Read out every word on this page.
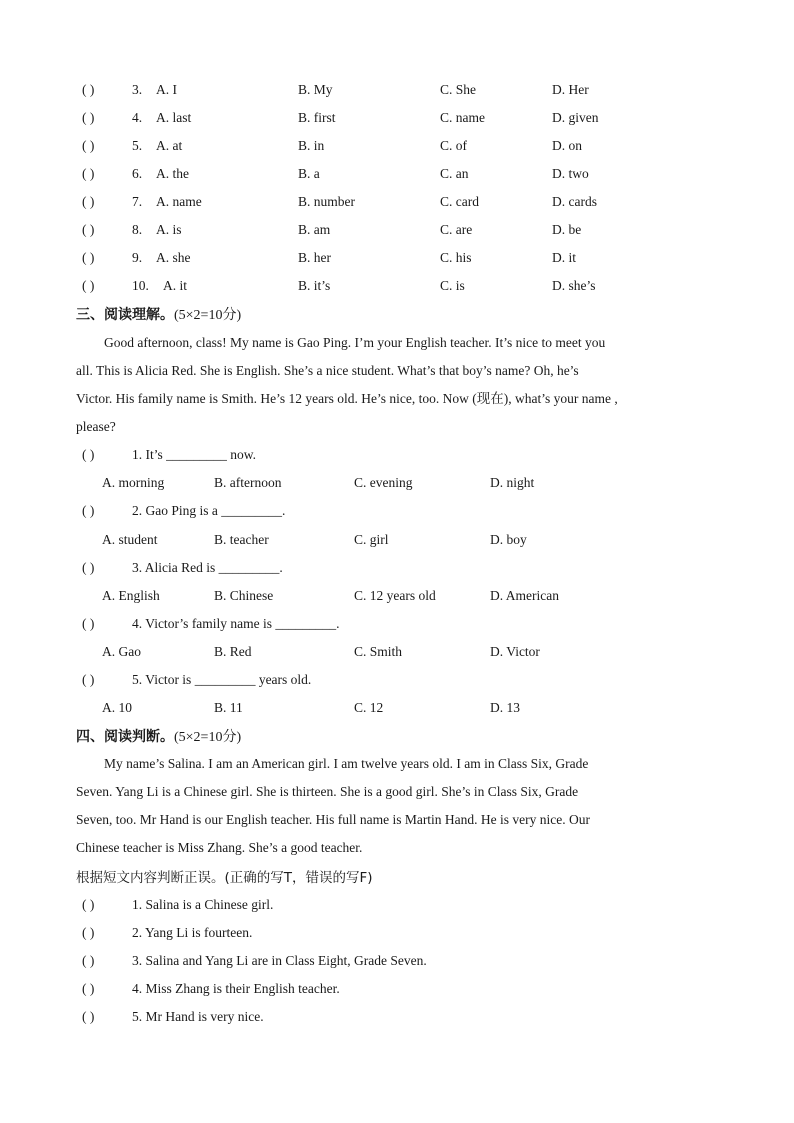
( )	3. A. I	B. My	C. She	D. Her
( )	4. A. last	B. first	C. name	D. given
( )	5. A. at	B. in	C. of	D. on
( )	6. A. the	B. a	C. an	D. two
( )	7. A. name	B. number	C. card	D. cards
( )	8. A. is	B. am	C. are	D. be
( )	9. A. she	B. her	C. his	D. it
( )	10. A. it	B. it’s	C. is	D. she’s
三、阅读理解。(5×2=10分)
Good afternoon, class! My name is Gao Ping. I’m your English teacher. It’s nice to meet you
all. This is Alicia Red. She is English. She’s a nice student. What’s that boy’s name? Oh, he’s
Victor. His family name is Smith. He’s 12 years old. He’s nice, too. Now (现在), what’s your name ,
please?
( )	1. It’s _________ now.
A. morning	B. afternoon	C. evening	D. night
( )	2. Gao Ping is a _________.
A. student	B. teacher	C. girl	D. boy
( )	3. Alicia Red is _________.
A. English	B. Chinese	C. 12 years old	D. American
( )	4. Victor’s family name is _________.
A. Gao	B. Red	C. Smith	D. Victor
( )	5. Victor is _________ years old.
A. 10	B. 11	C. 12	D. 13
四、阅读判断。(5×2=10分)
My name’s Salina. I am an American girl. I am twelve years old. I am in Class Six, Grade
Seven. Yang Li is a Chinese girl. She is thirteen. She is a good girl. She’s in Class Six, Grade
Seven, too. Mr Hand is our English teacher. His full name is Martin Hand. He is very nice. Our
Chinese teacher is Miss Zhang. She’s a good teacher.
根据短文内容判断正误。(正确的写T，错误的写F)
( )	1. Salina is a Chinese girl.
( )	2. Yang Li is fourteen.
( )	3. Salina and Yang Li are in Class Eight, Grade Seven.
( )	4. Miss Zhang is their English teacher.
( )	5. Mr Hand is very nice.
